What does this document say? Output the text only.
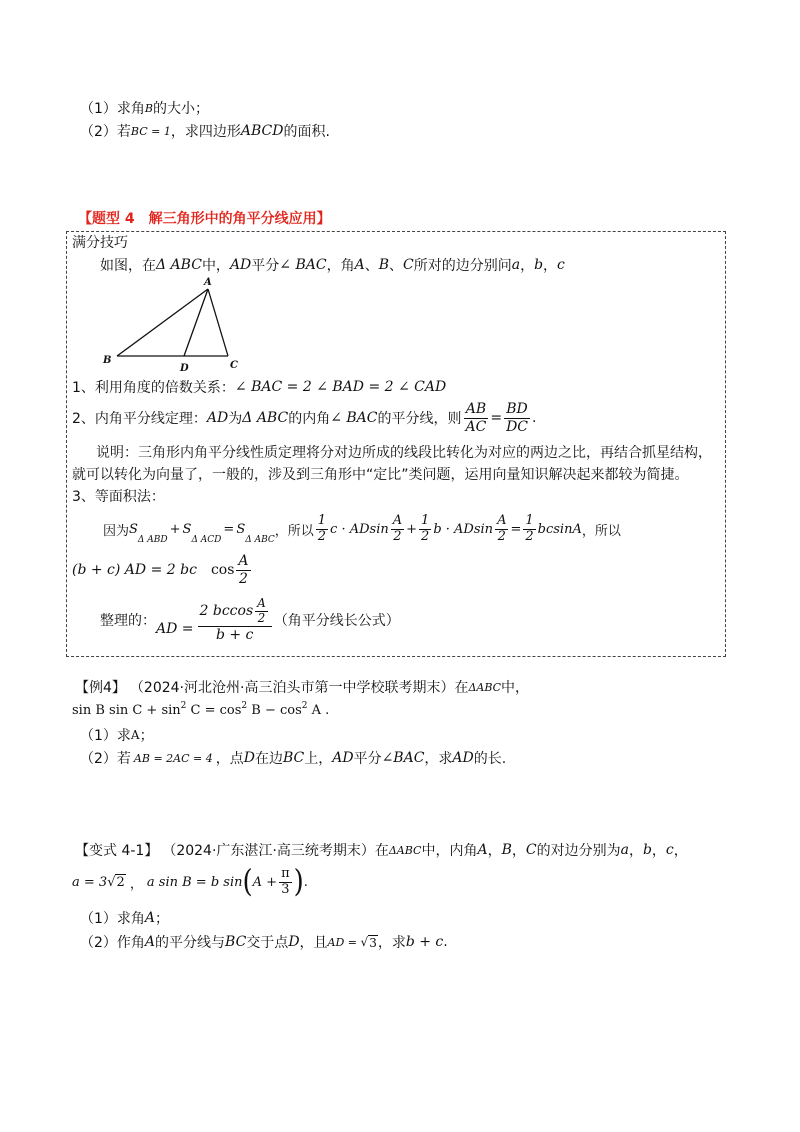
（1） 求角 B 的大小；
（2） 若 BC = 1 ，求四边形 ABCD 的面积.
【题型 4　解三角形中的角平分线应用】
满分技巧
如图，在 Δ ABC 中， AD 平分 ∠ BAC ，角 A 、 B 、 C 所对的边分别问 a ， b ， c
A
B
D	C
1、利用角度的倍数关系： ∠ BAC = 2 ∠ BAD = 2 ∠ CAD
2、内角平分线定理： AD 为 Δ ABC 的内角 ∠ BAC 的平分线，则 $\frac{AB}{AC} = \frac{BD}{DC}$ .
说明：三角形内角平分线性质定理将分对边所成的线段比转化为对应的两边之比，再结合抓星结构，
就可以转化为向量了，一般的，涉及到三角形中“定比”类问题，运用向量知识解决起来都较为简捷。
3、等面积法：
因为 S
Δ ABD
+ S
Δ ACD
= S
Δ ABC
，所以 $\frac{1}{2}$ c · ADsin $\frac{A}{2} + \frac{1}{2}$ b · ADsin $\frac{A}{2} = \frac{1}{2}$ bcsinA ，所以
(b + c) AD = 2 bc $\cos \frac{A}{2}$
整理的： AD = $\frac{2 bccos \frac{A}{2}}{b + c}$ （角平分线长公式）
【例4】 （2024·河北沧州·高三泊头市第一中学校联考期末）在 ΔABC 中，
sin B sin C + sin 2 C = cos 2 B − cos 2 A .
（1） 求 A ；
（2） 若 AB = 2AC = 4 ，点 D 在边 BC 上， AD 平分 ∠BAC ，求 AD 的长.
【变式 4-1】 （2024·广东湛江·高三统考期末）在 ΔABC 中，内角 A ， B ， C 的对边分别为 a ， b ， c ，
a = 3 √ 2 ， a sin B = b sin ( $A + \frac{\pi}{3}$ ) .
（1） 求角 A ；
（2） 作角 A 的平分线与 BC 交于点 D ，且 AD = √ 3 ，求 b + c .
